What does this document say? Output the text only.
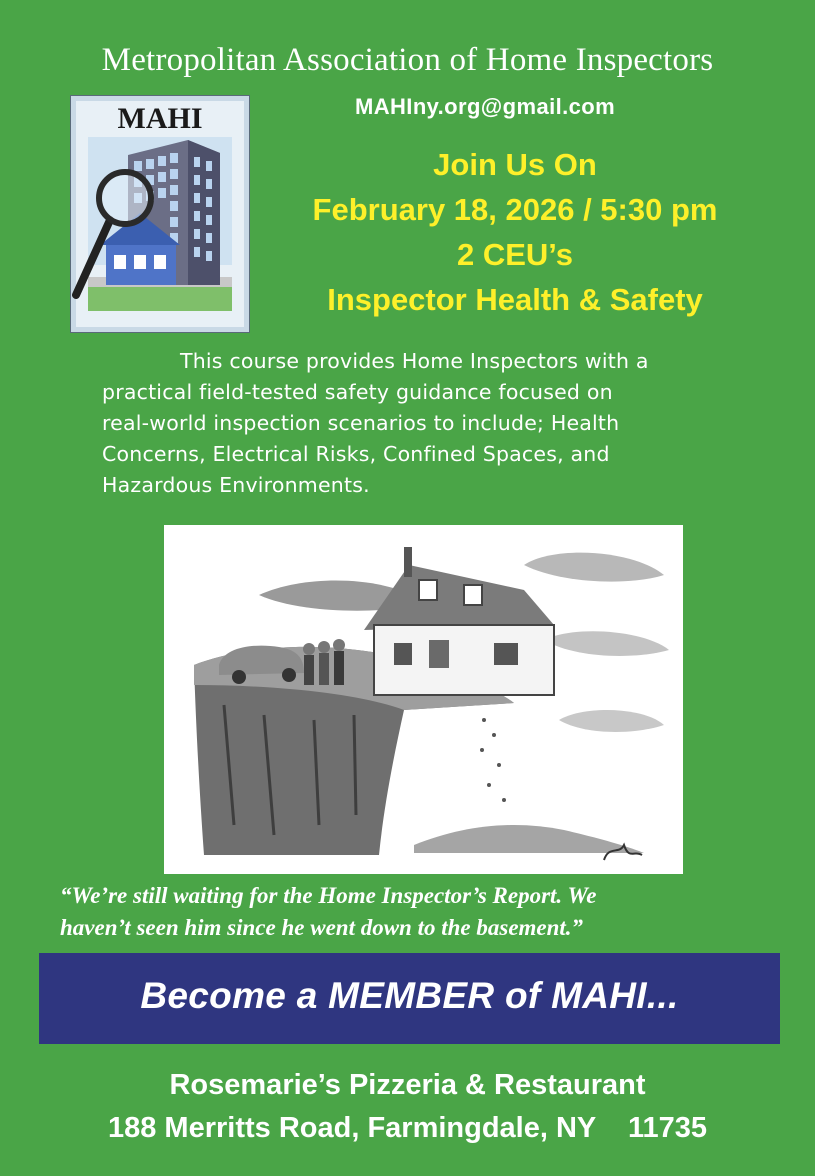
Metropolitan Association of Home Inspectors
MAHI	MAHIny.org@gmail.com
Join Us On
February 18, 2026 / 5:30 pm
2 CEU’s
Inspector Health & Safety
This course provides Home Inspectors with a
practical field-tested safety guidance focused on
real-world inspection scenarios to include; Health
Concerns, Electrical Risks, Confined Spaces, and
Hazardous Environments.
“We’re still waiting for the Home Inspector’s Report. We
haven’t seen him since he went down to the basement.”
Become a MEMBER of MAHI...
Rosemarie’s Pizzeria & Restaurant
188 Merritts Road, Farmingdale, NY    11735
